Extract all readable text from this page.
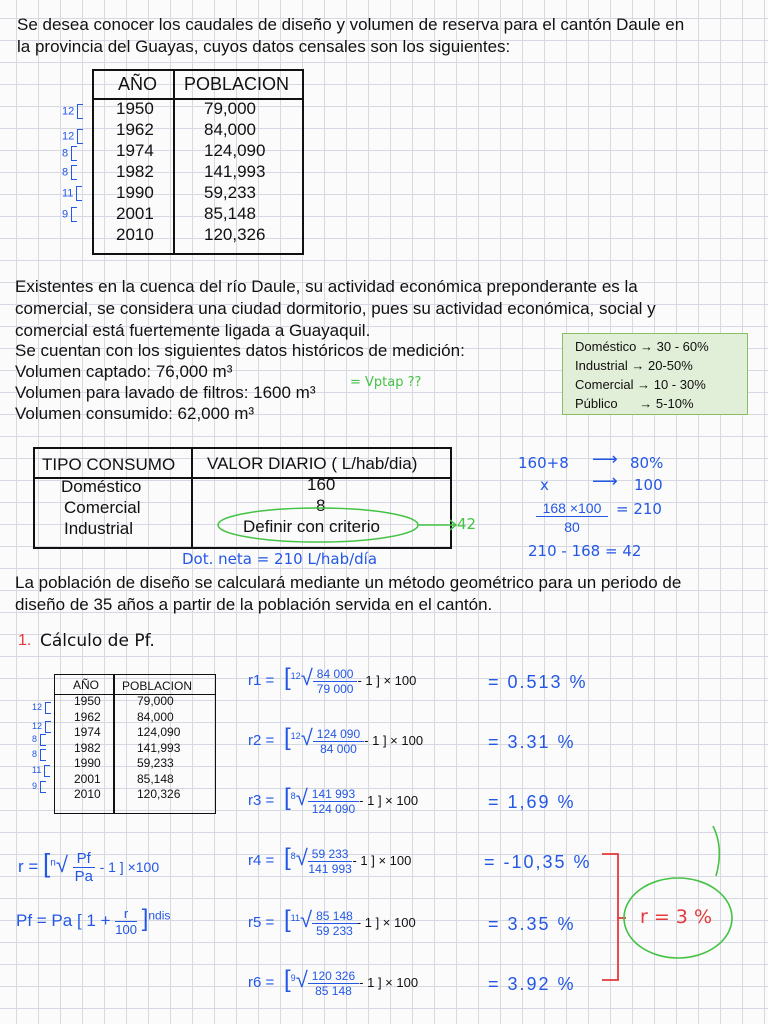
Se desea conocer los caudales de diseño y volumen de reserva para el cantón Daule en
la provincia del Guayas, cuyos datos censales son los siguientes:
12
12
8
8
11
9
AÑO POBLACION
1950	79,000
1962	84,000
1974	124,090
1982	141,993
1990	59,233
2001	85,148
2010	120,326
Existentes en la cuenca del río Daule, su actividad económica preponderante es la
comercial, se considera una ciudad dormitorio, pues su actividad económica, social y
comercial está fuertemente ligada a Guayaquil.
Se cuentan con los siguientes datos históricos de medición:
Volumen captado: 76,000 m³
Volumen para lavado de filtros: 1600 m³
Volumen consumido: 62,000 m³
= Vptap ??
Doméstico → 30 - 60%
Industrial → 20-50%
Comercial → 10 - 30%
Público      → 5-10%
TIPO CONSUMO VALOR DIARIO ( L/hab/dia)
Doméstico	160
Comercial	8
Industrial	Definir con criterio	42
160+8 ⟶ 80%
x ⟶ 100
168 ×100
80
= 210
210 - 168 = 42
Dot. neta = 210 L/hab/día
La población de diseño se calculará mediante un método geométrico para un periodo de
diseño de 35 años a partir de la población servida en el cantón.
1. Cálculo de Pf.
12
12
8
8
11
9
AÑO POBLACION
1950	79,000
1962	84,000
1974	124,090
1982	141,993
1990	59,233
2001	85,148
2010	120,326
$r = [^n√ \frac{Pf}{Pa} - 1$ ] ×100
Pf = Pa [ $1 + \frac{r}{100} ]^{ndis}$
$r1 = [^{12}√ \frac{84 000}{79 000} - 1$ ] × 100	= 0.513 %
$r2 = [^{12}√ \frac{124 090}{84 000} - 1$ ] × 100	= 3.31 %
$r3 = [^8√ \frac{141 993}{124 090} - 1$ ] × 100	= 1,69 %
$r4 = [^8√ \frac{59 233}{141 993} - 1$ ] × 100	= -10,35 %
$r5 = [^{11}√ \frac{85 148}{59 233} - 1$ ] × 100	= 3.35 %
$r6 = [^9√ \frac{120 326}{85 148} - 1$ ] × 100	= 3.92 %
r = 3 %
